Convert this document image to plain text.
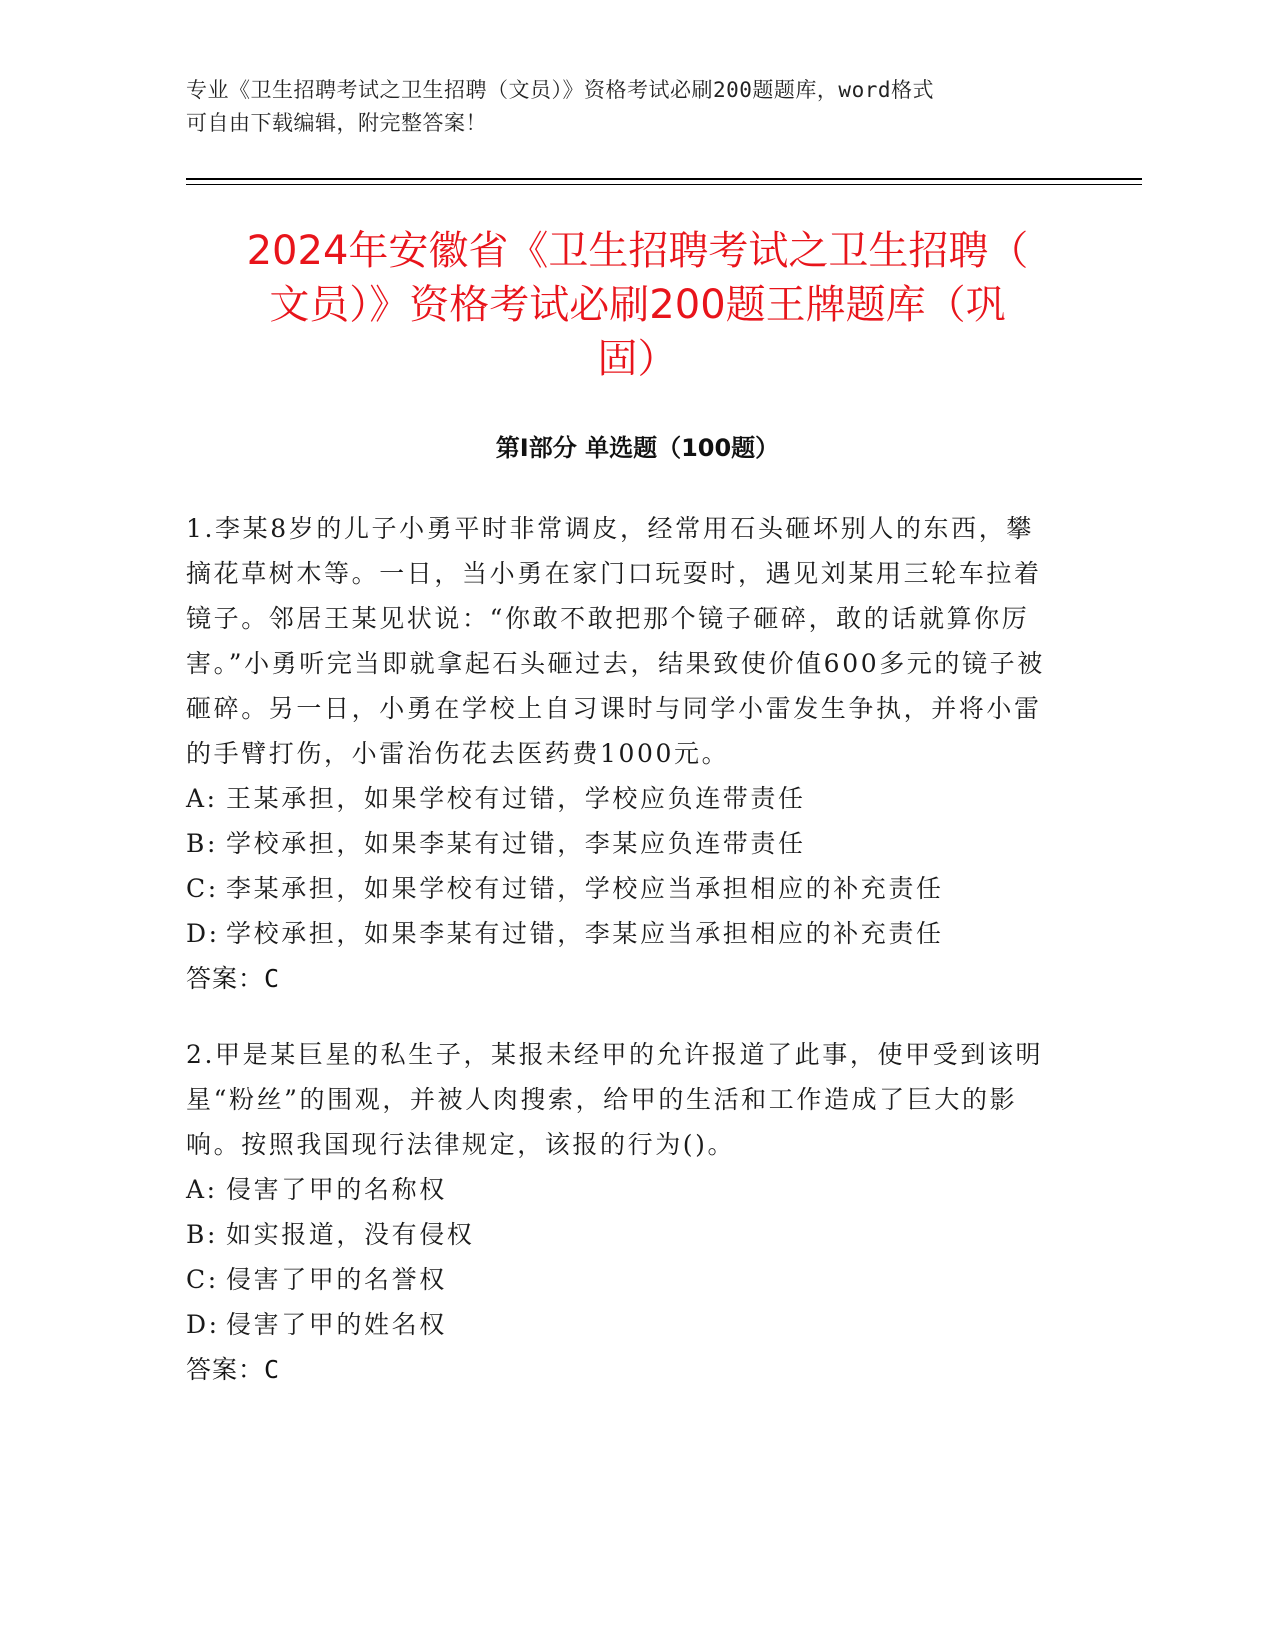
专业《卫生招聘考试之卫生招聘（文员）》资格考试必刷200题题库，word格式
可自由下载编辑，附完整答案！
2024年安徽省《卫生招聘考试之卫生招聘（
文员）》资格考试必刷200题王牌题库（巩
固）
第Ⅰ部分 单选题（100题）

1.李某8岁的儿子小勇平时非常调皮，经常用石头砸坏别人的东西，攀摘花草树木等。一日，当小勇在家门口玩耍时，遇见刘某用三轮车拉着镜子。邻居王某见状说：“你敢不敢把那个镜子砸碎，敢的话就算你厉害。”小勇听完当即就拿起石头砸过去，结果致使价值600多元的镜子被砸碎。另一日，小勇在学校上自习课时与同学小雷发生争执，并将小雷的手臂打伤，小雷治伤花去医药费1000元。

A: 王某承担，如果学校有过错，学校应负连带责任
B: 学校承担，如果李某有过错，李某应负连带责任
C: 李某承担，如果学校有过错，学校应当承担相应的补充责任
D: 学校承担，如果李某有过错，李某应当承担相应的补充责任
答案：C

2.甲是某巨星的私生子，某报未经甲的允许报道了此事，使甲受到该明星“粉丝”的围观，并被人肉搜索，给甲的生活和工作造成了巨大的影响。按照我国现行法律规定，该报的行为()。

A: 侵害了甲的名称权
B: 如实报道，没有侵权
C: 侵害了甲的名誉权
D: 侵害了甲的姓名权
答案：C
